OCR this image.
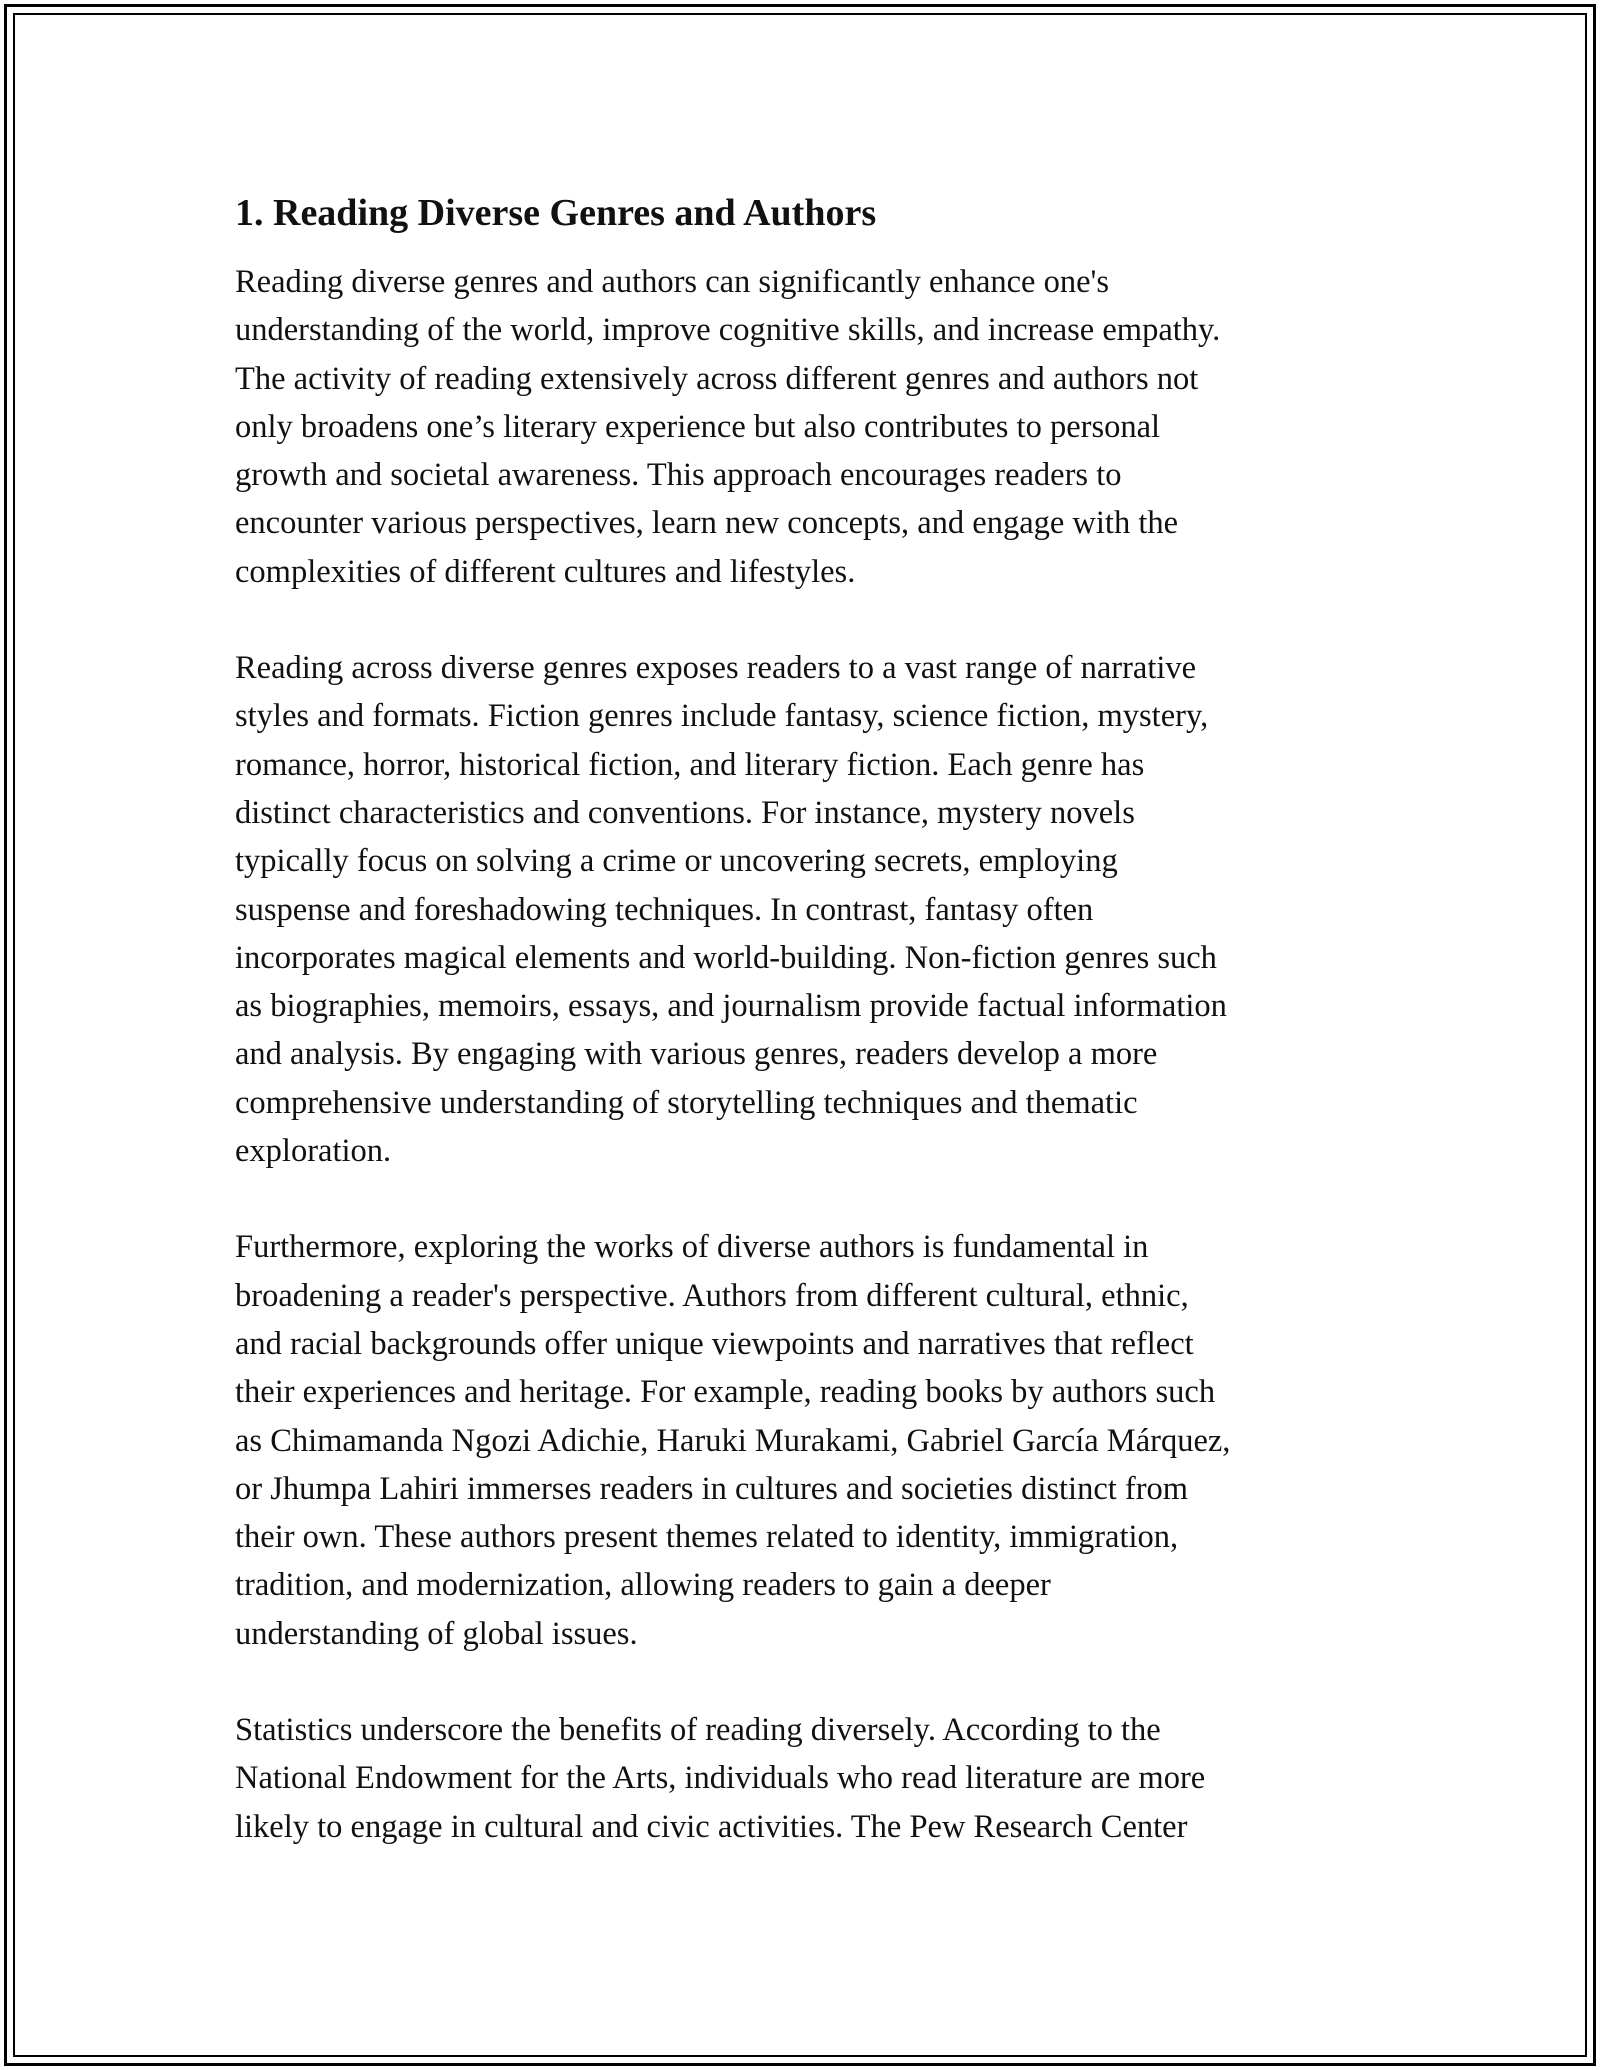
1. Reading Diverse Genres and Authors

Reading diverse genres and authors can significantly enhance one's
understanding of the world, improve cognitive skills, and increase empathy.
The activity of reading extensively across different genres and authors not
only broadens one’s literary experience but also contributes to personal
growth and societal awareness. This approach encourages readers to
encounter various perspectives, learn new concepts, and engage with the
complexities of different cultures and lifestyles.

Reading across diverse genres exposes readers to a vast range of narrative
styles and formats. Fiction genres include fantasy, science fiction, mystery,
romance, horror, historical fiction, and literary fiction. Each genre has
distinct characteristics and conventions. For instance, mystery novels
typically focus on solving a crime or uncovering secrets, employing
suspense and foreshadowing techniques. In contrast, fantasy often
incorporates magical elements and world-building. Non-fiction genres such
as biographies, memoirs, essays, and journalism provide factual information
and analysis. By engaging with various genres, readers develop a more
comprehensive understanding of storytelling techniques and thematic
exploration.

Furthermore, exploring the works of diverse authors is fundamental in
broadening a reader's perspective. Authors from different cultural, ethnic,
and racial backgrounds offer unique viewpoints and narratives that reflect
their experiences and heritage. For example, reading books by authors such
as Chimamanda Ngozi Adichie, Haruki Murakami, Gabriel García Márquez,
or Jhumpa Lahiri immerses readers in cultures and societies distinct from
their own. These authors present themes related to identity, immigration,
tradition, and modernization, allowing readers to gain a deeper
understanding of global issues.

Statistics underscore the benefits of reading diversely. According to the
National Endowment for the Arts, individuals who read literature are more
likely to engage in cultural and civic activities. The Pew Research Center
